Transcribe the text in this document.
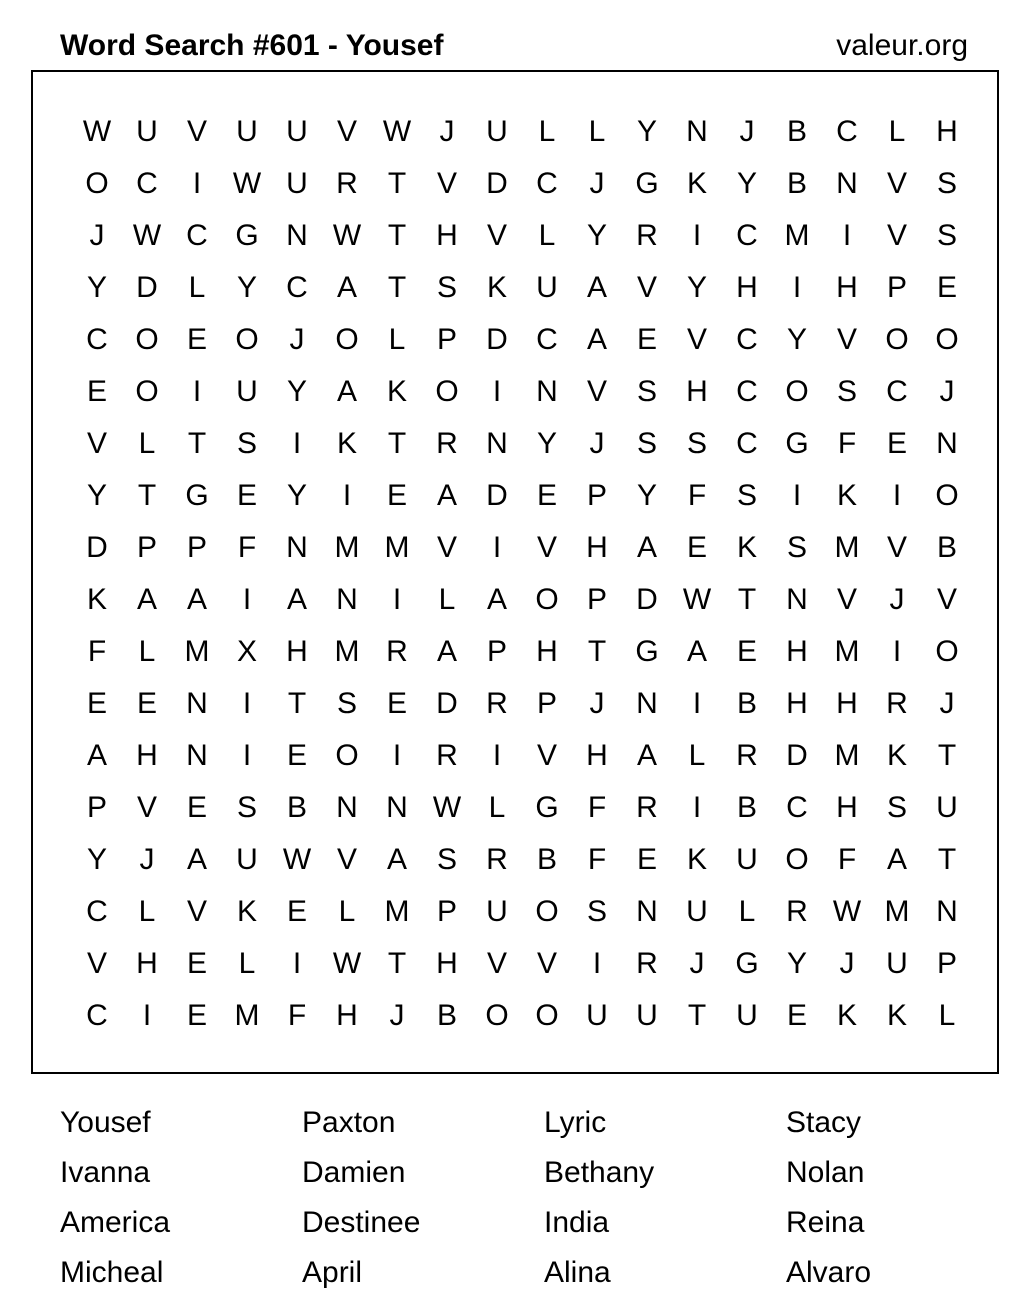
Word Search #601 - Yousef	valeur.org
W U V U U V W J	U	L	L	Y N	J	B C	L	H
O C	I	W U R	T	V D C	J	G K Y B N V S
J W C G N W T	H V	L	Y R	I	C M	I	V S
Y D	L	Y C A	T	S K U A V Y H	I	H P E
C O E O	J	O L	P D C A E V C Y V O O
E O	I	U Y A K O	I	N V S H C O S C	J
V	L	T	S	I	K	T	R N Y	J	S S C G F	E N
Y	T G E Y	I	E A D E P Y	F	S	I	K	I	O
D P P	F	N M M V	I	V H A E K S M V B
K A A	I	A N	I	L	A O P D W T	N V	J	V
F	L M X H M R A P H	T G A E H M	I	O
E E N	I	T	S E D R P	J	N	I	B H H R	J
A H N	I	E O	I	R	I	V H A	L	R D M K	T
P V E S B N N W L G F	R	I	B C H S U
Y	J	A U W V A S R B	F	E K U O F	A	T
C	L	V K E	L M P U O S N U	L	R W M N
V H E	L	I	W T	H V V	I	R	J	G Y	J	U P
C	I	E M F	H	J	B O O U U	T	U E K K	L
Yousef	Paxton	Lyric	Stacy
Ivanna	Damien	Bethany	Nolan
America	Destinee	India	Reina
Micheal	April	Alina	Alvaro
